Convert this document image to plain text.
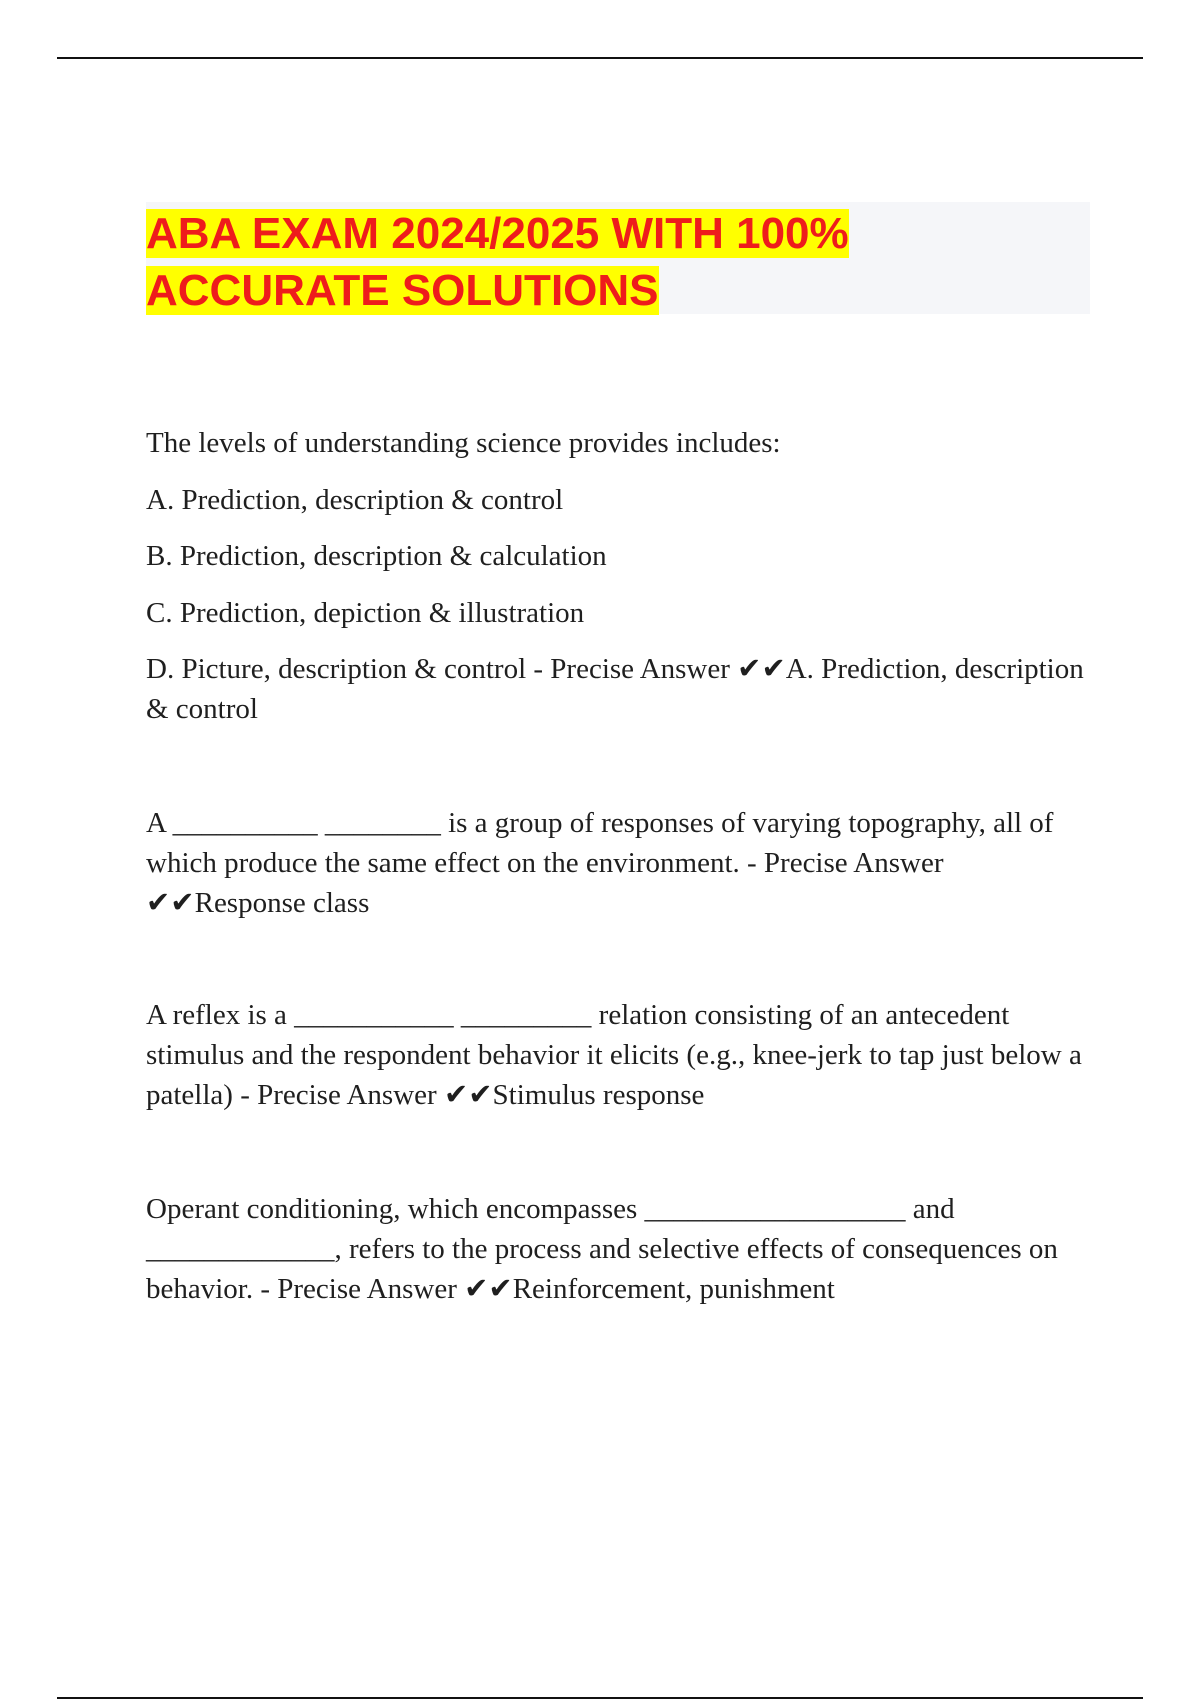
ABA EXAM 2024/2025 WITH 100% ACCURATE SOLUTIONS

The levels of understanding science provides includes:

A. Prediction, description & control

B. Prediction, description & calculation

C. Prediction, depiction & illustration

D. Picture, description & control - Precise Answer ✔✔A. Prediction, description & control

A __________ ________ is a group of responses of varying topography, all of which produce the same effect on the environment. - Precise Answer ✔✔Response class

A reflex is a ___________ _________ relation consisting of an antecedent stimulus and the respondent behavior it elicits (e.g., knee-jerk to tap just below a patella) - Precise Answer ✔✔Stimulus response

Operant conditioning, which encompasses __________________ and _____________, refers to the process and selective effects of consequences on behavior. - Precise Answer ✔✔Reinforcement, punishment
